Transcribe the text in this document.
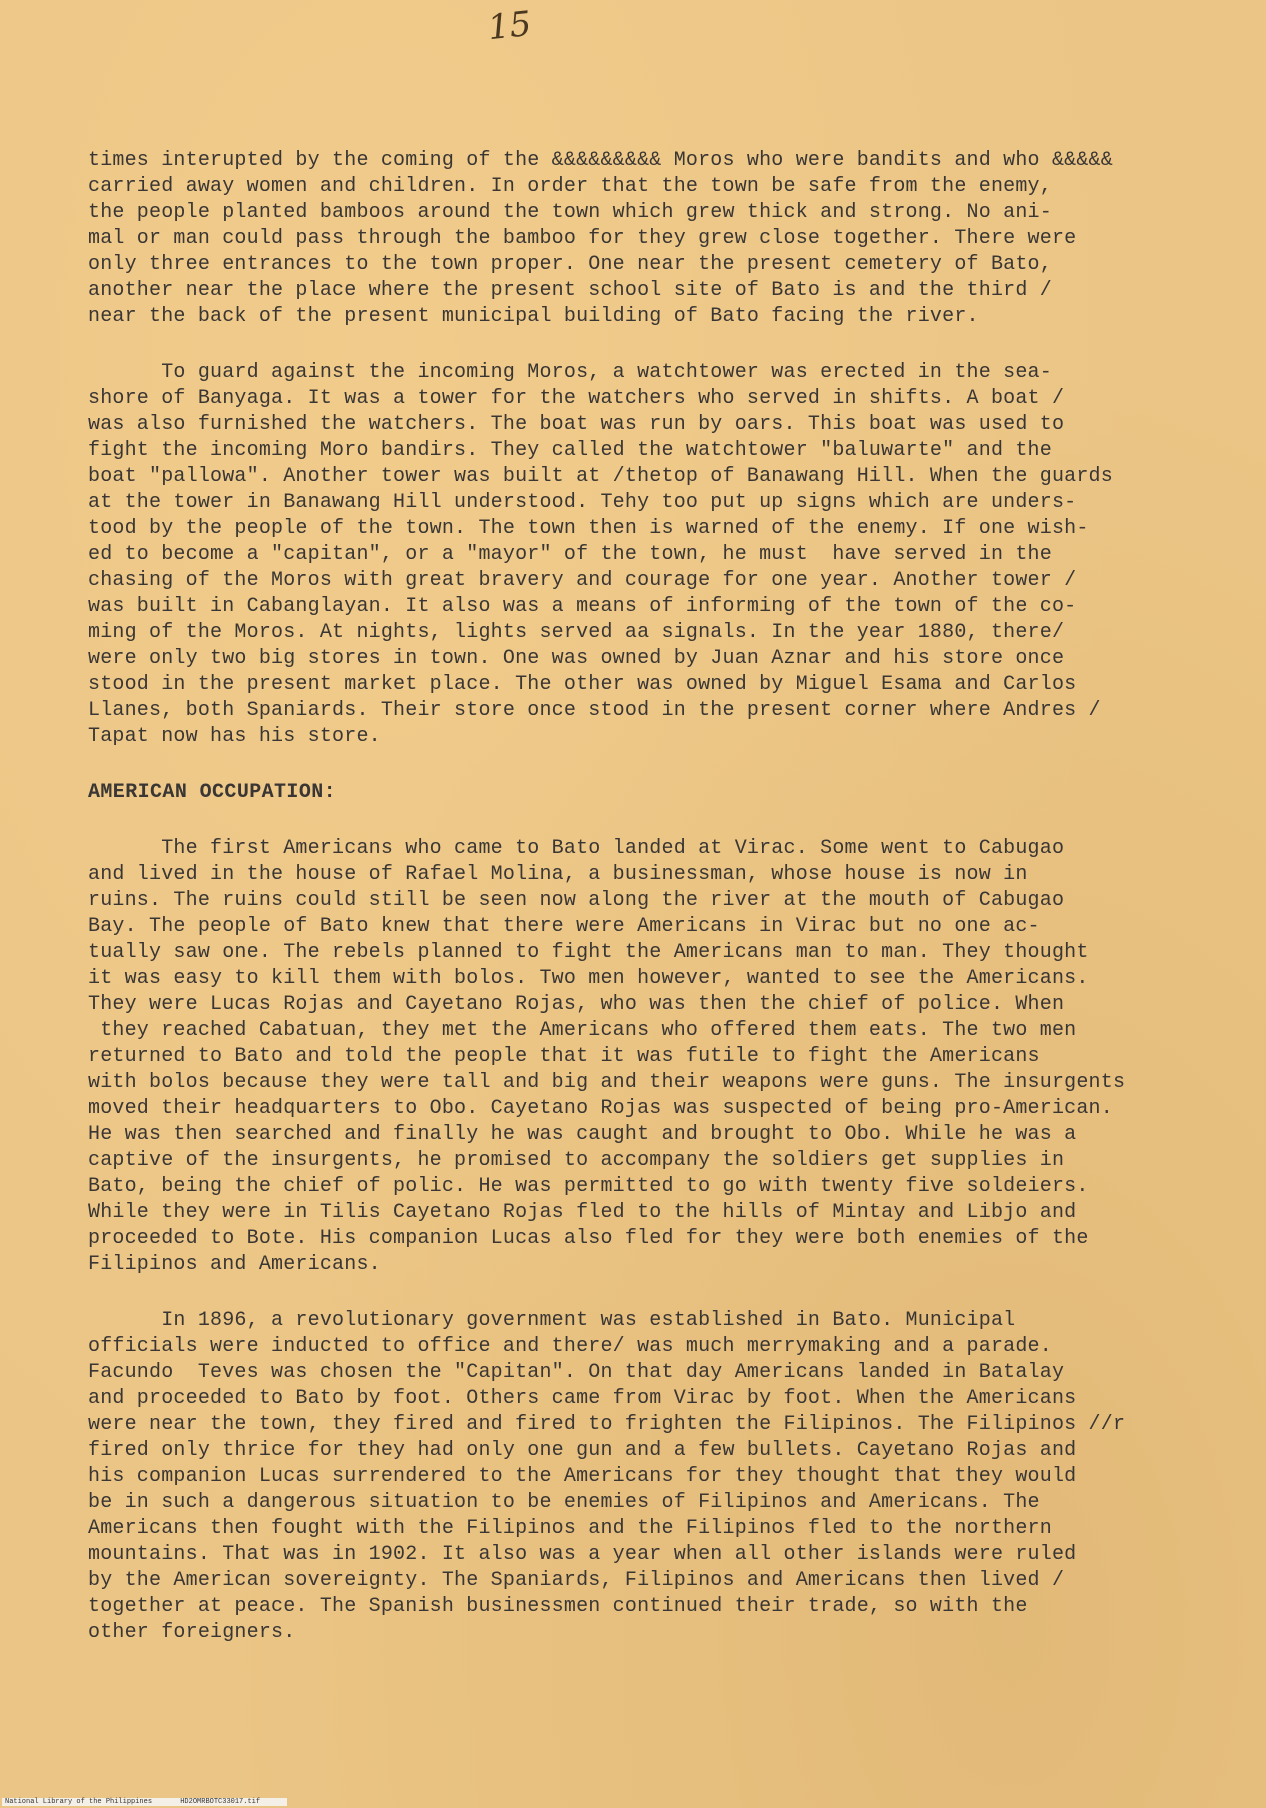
15
times interupted by the coming of the &&&&&&&&& Moros who were bandits and who &&&&&
carried away women and children. In order that the town be safe from the enemy,
the people planted bamboos around the town which grew thick and strong. No ani-
mal or man could pass through the bamboo for they grew close together. There were
only three entrances to the town proper. One near the present cemetery of Bato,
another near the place where the present school site of Bato is and the third /
near the back of the present municipal building of Bato facing the river.
To guard against the incoming Moros, a watchtower was erected in the sea-
shore of Banyaga. It was a tower for the watchers who served in shifts. A boat /
was also furnished the watchers. The boat was run by oars. This boat was used to
fight the incoming Moro bandirs. They called the watchtower "baluwarte" and the
boat "pallowa". Another tower was built at /thetop of Banawang Hill. When the guards
at the tower in Banawang Hill understood. Tehy too put up signs which are unders-
tood by the people of the town. The town then is warned of the enemy. If one wish-
ed to become a "capitan", or a "mayor" of the town, he must  have served in the
chasing of the Moros with great bravery and courage for one year. Another tower /
was built in Cabanglayan. It also was a means of informing of the town of the co-
ming of the Moros. At nights, lights served aa signals. In the year 1880, there/
were only two big stores in town. One was owned by Juan Aznar and his store once
stood in the present market place. The other was owned by Miguel Esama and Carlos
Llanes, both Spaniards. Their store once stood in the present corner where Andres /
Tapat now has his store.
AMERICAN OCCUPATION:
The first Americans who came to Bato landed at Virac. Some went to Cabugao
and lived in the house of Rafael Molina, a businessman, whose house is now in
ruins. The ruins could still be seen now along the river at the mouth of Cabugao
Bay. The people of Bato knew that there were Americans in Virac but no one ac-
tually saw one. The rebels planned to fight the Americans man to man. They thought
it was easy to kill them with bolos. Two men however, wanted to see the Americans.
They were Lucas Rojas and Cayetano Rojas, who was then the chief of police. When
they reached Cabatuan, they met the Americans who offered them eats. The two men
returned to Bato and told the people that it was futile to fight the Americans
with bolos because they were tall and big and their weapons were guns. The insurgents
moved their headquarters to Obo. Cayetano Rojas was suspected of being pro-American.
He was then searched and finally he was caught and brought to Obo. While he was a
captive of the insurgents, he promised to accompany the soldiers get supplies in
Bato, being the chief of polic. He was permitted to go with twenty five soldeiers.
While they were in Tilis Cayetano Rojas fled to the hills of Mintay and Libjo and
proceeded to Bote. His companion Lucas also fled for they were both enemies of the
Filipinos and Americans.
In 1896, a revolutionary government was established in Bato. Municipal
officials were inducted to office and there/ was much merrymaking and a parade.
Facundo  Teves was chosen the "Capitan". On that day Americans landed in Batalay
and proceeded to Bato by foot. Others came from Virac by foot. When the Americans
were near the town, they fired and fired to frighten the Filipinos. The Filipinos //r
fired only thrice for they had only one gun and a few bullets. Cayetano Rojas and
his companion Lucas surrendered to the Americans for they thought that they would
be in such a dangerous situation to be enemies of Filipinos and Americans. The
Americans then fought with the Filipinos and the Filipinos fled to the northern
mountains. That was in 1902. It also was a year when all other islands were ruled
by the American sovereignty. The Spaniards, Filipinos and Americans then lived /
together at peace. The Spanish businessmen continued their trade, so with the
other foreigners.
National Library of the Philippines	HD2OMRBOTC33017.tif
